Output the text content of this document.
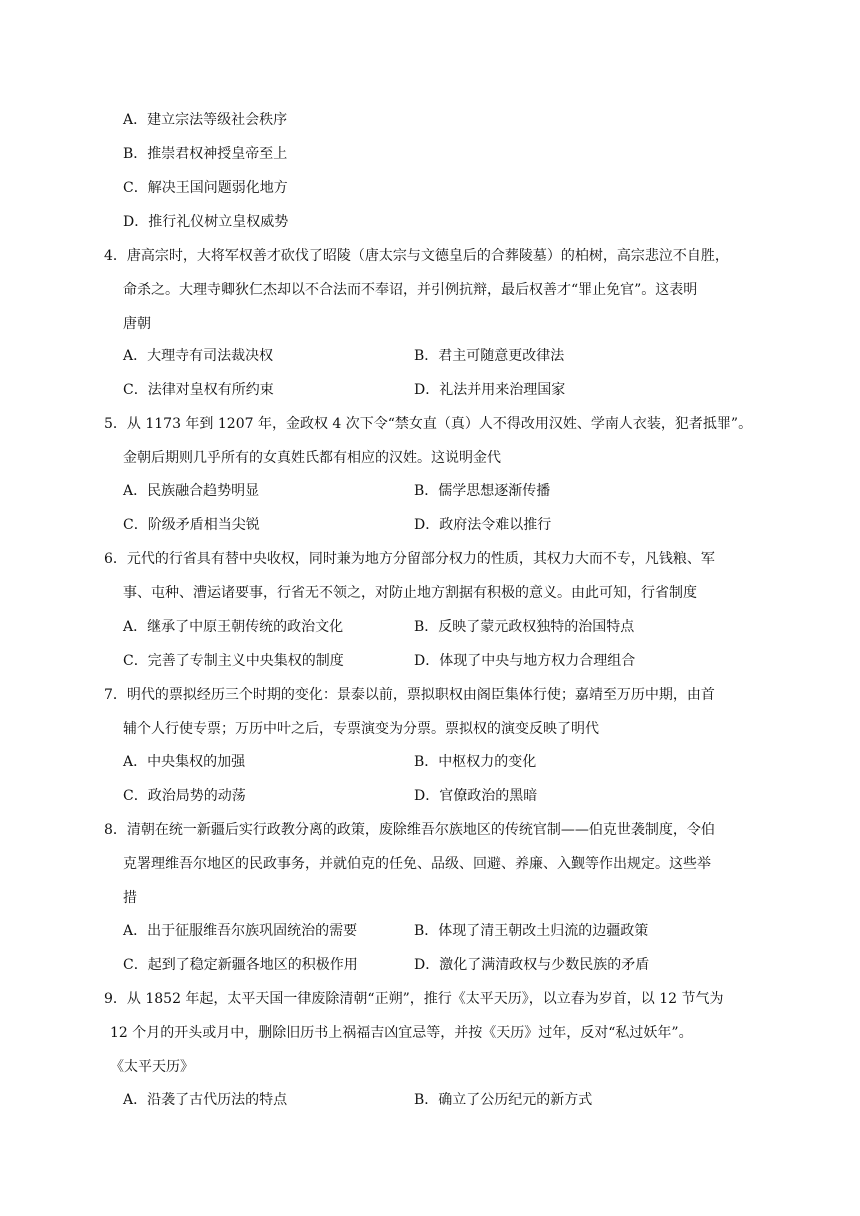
A．建立宗法等级社会秩序
B．推崇君权神授皇帝至上
C．解决王国问题弱化地方
D．推行礼仪树立皇权威势
4．唐高宗时，大将军权善才砍伐了昭陵（唐太宗与文德皇后的合葬陵墓）的柏树，高宗悲泣不自胜，
命杀之。大理寺卿狄仁杰却以不合法而不奉诏，并引例抗辩，最后权善才“罪止免官”。这表明
唐朝
A．大理寺有司法裁决权	B．君主可随意更改律法
C．法律对皇权有所约束	D．礼法并用来治理国家
5．从 1173 年到 1207 年，金政权 4 次下令“禁女直（真）人不得改用汉姓、学南人衣装，犯者抵罪”。
金朝后期则几乎所有的女真姓氏都有相应的汉姓。这说明金代
A．民族融合趋势明显	B．儒学思想逐渐传播
C．阶级矛盾相当尖锐	D．政府法令难以推行
6．元代的行省具有替中央收权，同时兼为地方分留部分权力的性质，其权力大而不专，凡钱粮、军
事、屯种、漕运诸要事，行省无不领之，对防止地方割据有积极的意义。由此可知，行省制度
A．继承了中原王朝传统的政治文化	B．反映了蒙元政权独特的治国特点
C．完善了专制主义中央集权的制度	D．体现了中央与地方权力合理组合
7．明代的票拟经历三个时期的变化：景泰以前，票拟职权由阁臣集体行使；嘉靖至万历中期，由首
辅个人行使专票；万历中叶之后，专票演变为分票。票拟权的演变反映了明代
A．中央集权的加强	B．中枢权力的变化
C．政治局势的动荡	D．官僚政治的黑暗
8．清朝在统一新疆后实行政教分离的政策，废除维吾尔族地区的传统官制——伯克世袭制度，令伯
克署理维吾尔地区的民政事务，并就伯克的任免、品级、回避、养廉、入觐等作出规定。这些举
措
A．出于征服维吾尔族巩固统治的需要	B．体现了清王朝改土归流的边疆政策
C．起到了稳定新疆各地区的积极作用	D．激化了满清政权与少数民族的矛盾
9．从 1852 年起，太平天国一律废除清朝“正朔”，推行《太平天历》，以立春为岁首，以 12 节气为
12 个月的开头或月中，删除旧历书上祸福吉凶宜忌等，并按《天历》过年，反对“私过妖年”。
《太平天历》
A．沿袭了古代历法的特点	B．确立了公历纪元的新方式
